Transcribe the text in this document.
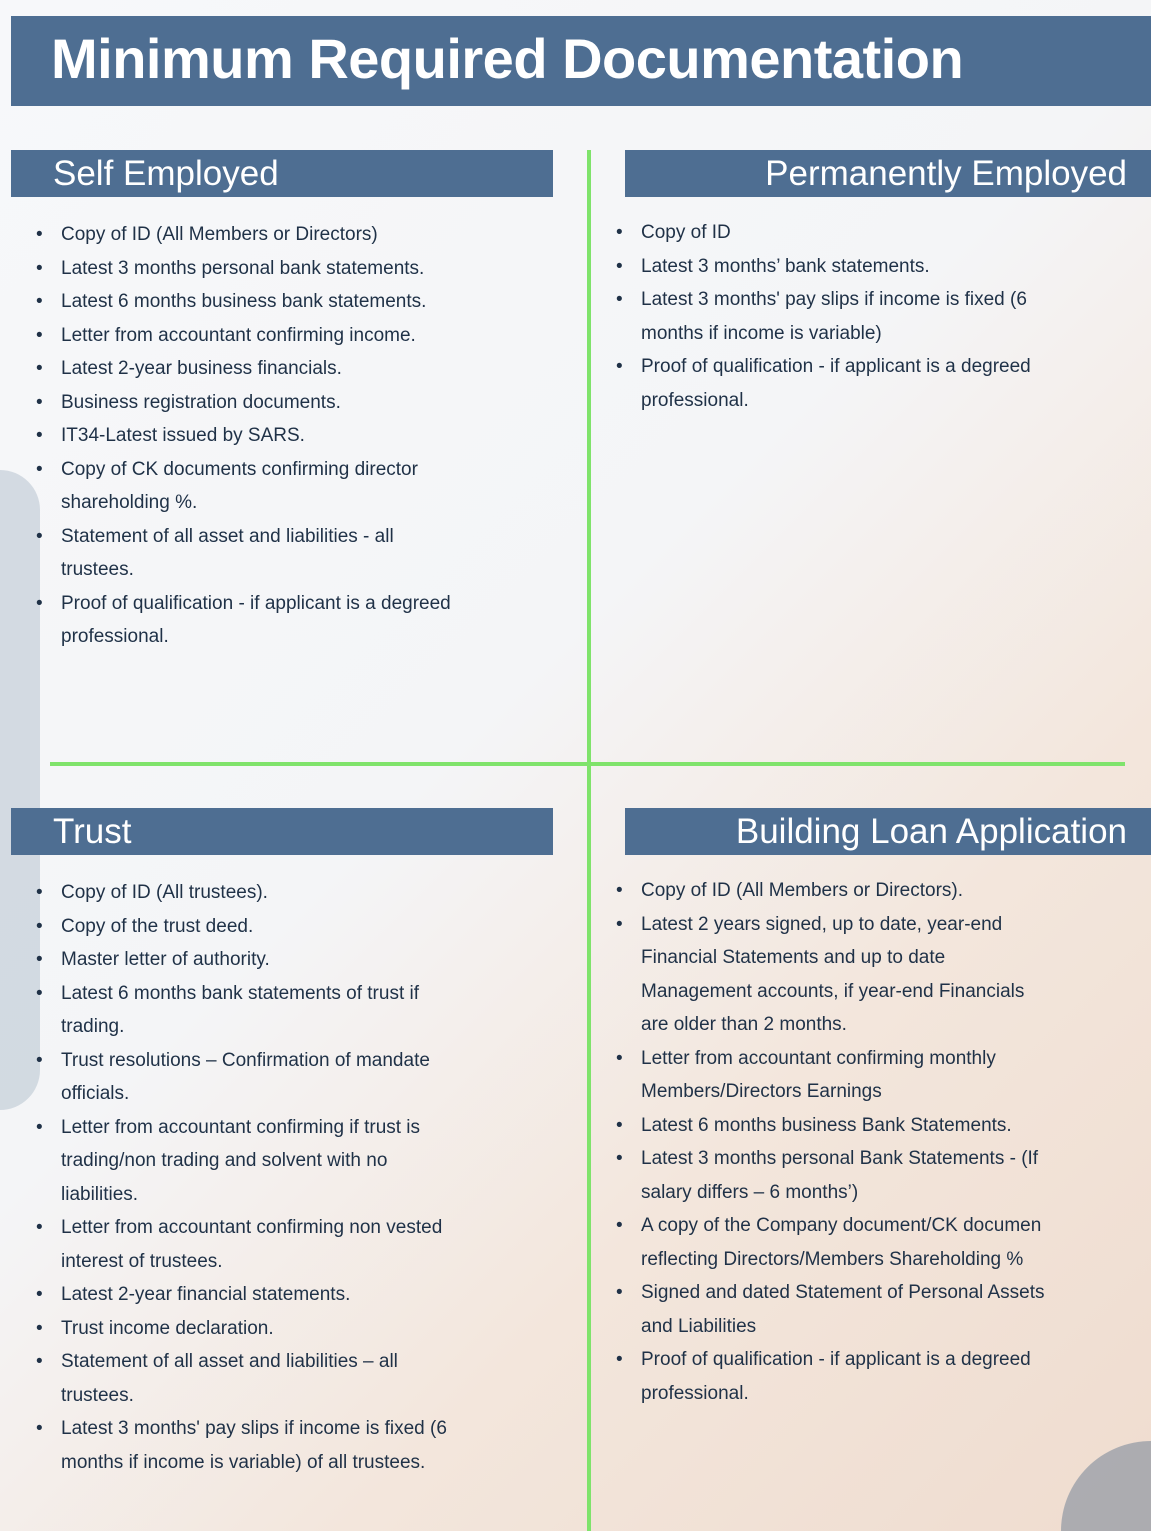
Minimum Required Documentation
Self Employed	Permanently Employed
Trust	Building Loan Application
• Copy of ID (All Members or Directors)
• Latest 3 months personal bank statements.
• Latest 6 months business bank statements.
• Letter from accountant confirming income.
• Latest 2-year business financials.
• Business registration documents.
• IT34-Latest issued by SARS.
• Copy of CK documents confirming director
shareholding %.
• Statement of all asset and liabilities - all
trustees.
• Proof of qualification - if applicant is a degreed
professional.
• Copy of ID
• Latest 3 months’ bank statements.
• Latest 3 months' pay slips if income is fixed (6
months if income is variable)
• Proof of qualification - if applicant is a degreed
professional.
• Copy of ID (All trustees).
• Copy of the trust deed.
• Master letter of authority.
• Latest 6 months bank statements of trust if
trading.
• Trust resolutions – Confirmation of mandate
officials.
• Letter from accountant confirming if trust is
trading/non trading and solvent with no
liabilities.
• Letter from accountant confirming non vested
interest of trustees.
• Latest 2-year financial statements.
• Trust income declaration.
• Statement of all asset and liabilities – all
trustees.
• Latest 3 months' pay slips if income is fixed (6
months if income is variable) of all trustees.
• Copy of ID (All Members or Directors).
• Latest 2 years signed, up to date, year-end
Financial Statements and up to date
Management accounts, if year-end Financials
are older than 2 months.
• Letter from accountant confirming monthly
Members/Directors Earnings
• Latest 6 months business Bank Statements.
• Latest 3 months personal Bank Statements - (If
salary differs – 6 months’)
• A copy of the Company document/CK documen
reflecting Directors/Members Shareholding %
• Signed and dated Statement of Personal Assets
and Liabilities
• Proof of qualification - if applicant is a degreed
professional.
